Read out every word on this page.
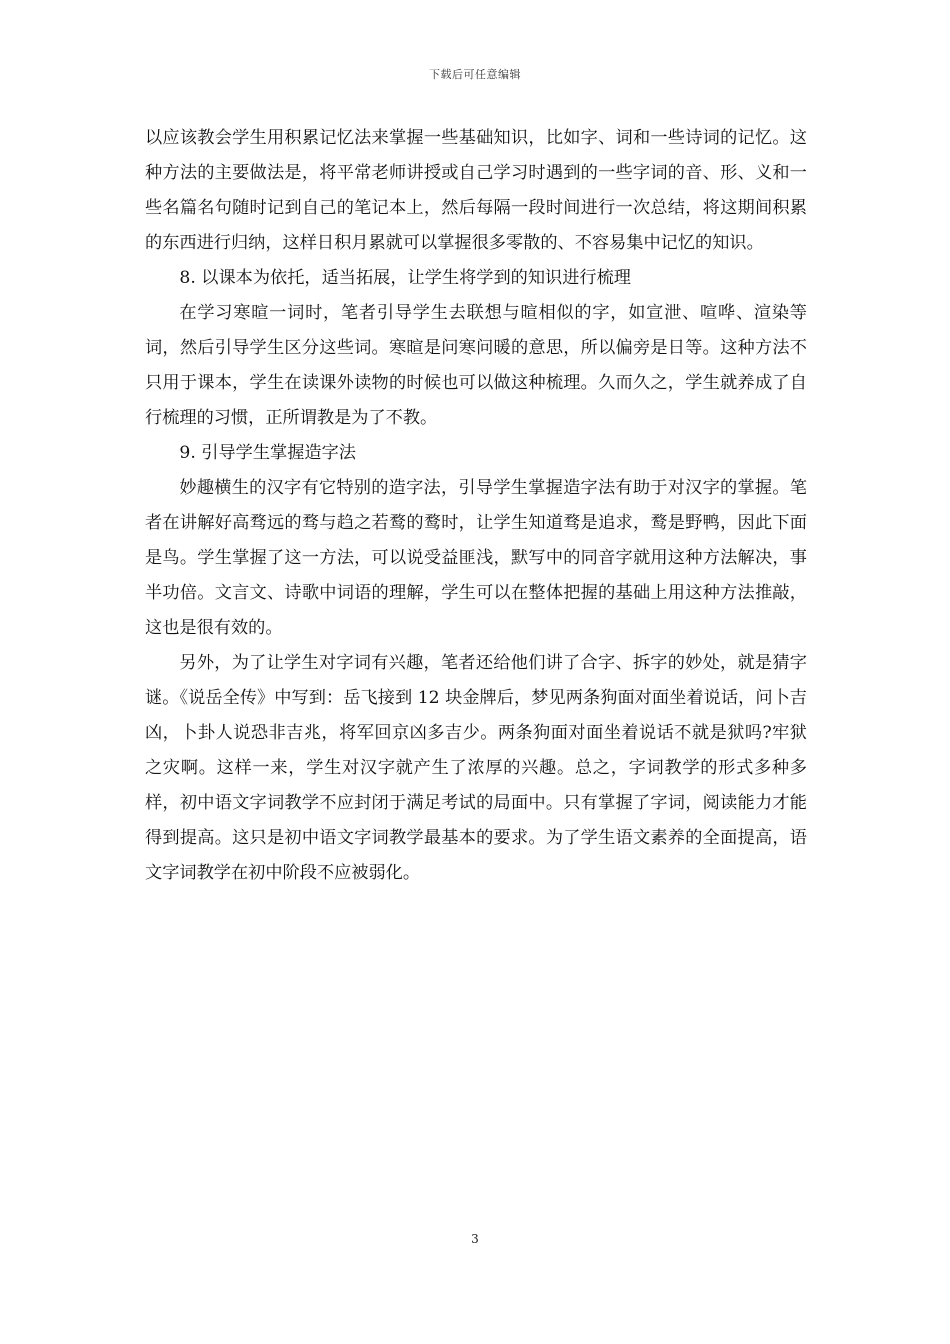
下载后可任意编辑

以应该教会学生用积累记忆法来掌握一些基础知识，比如字、词和一些诗词的记忆。这种方法的主要做法是，将平常老师讲授或自己学习时遇到的一些字词的音、形、义和一些名篇名句随时记到自己的笔记本上，然后每隔一段时间进行一次总结，将这期间积累的东西进行归纳，这样日积月累就可以掌握很多零散的、不容易集中记忆的知识。

8. 以课本为依托，适当拓展，让学生将学到的知识进行梳理

在学习寒暄一词时，笔者引导学生去联想与暄相似的字，如宣泄、喧哗、渲染等词，然后引导学生区分这些词。寒暄是问寒问暖的意思，所以偏旁是日等。这种方法不只用于课本，学生在读课外读物的时候也可以做这种梳理。久而久之，学生就养成了自行梳理的习惯，正所谓教是为了不教。

9. 引导学生掌握造字法

妙趣横生的汉字有它特别的造字法，引导学生掌握造字法有助于对汉字的掌握。笔者在讲解好高骛远的骛与趋之若鹜的鹜时，让学生知道骛是追求，鹜是野鸭，因此下面是鸟。学生掌握了这一方法，可以说受益匪浅，默写中的同音字就用这种方法解决，事半功倍。文言文、诗歌中词语的理解，学生可以在整体把握的基础上用这种方法推敲，这也是很有效的。

另外，为了让学生对字词有兴趣，笔者还给他们讲了合字、拆字的妙处，就是猜字谜。《说岳全传》中写到：岳飞接到 12 块金牌后，梦见两条狗面对面坐着说话，问卜吉凶，卜卦人说恐非吉兆，将军回京凶多吉少。两条狗面对面坐着说话不就是狱吗?牢狱之灾啊。这样一来，学生对汉字就产生了浓厚的兴趣。总之，字词教学的形式多种多样，初中语文字词教学不应封闭于满足考试的局面中。只有掌握了字词，阅读能力才能得到提高。这只是初中语文字词教学最基本的要求。为了学生语文素养的全面提高，语文字词教学在初中阶段不应被弱化。

3
